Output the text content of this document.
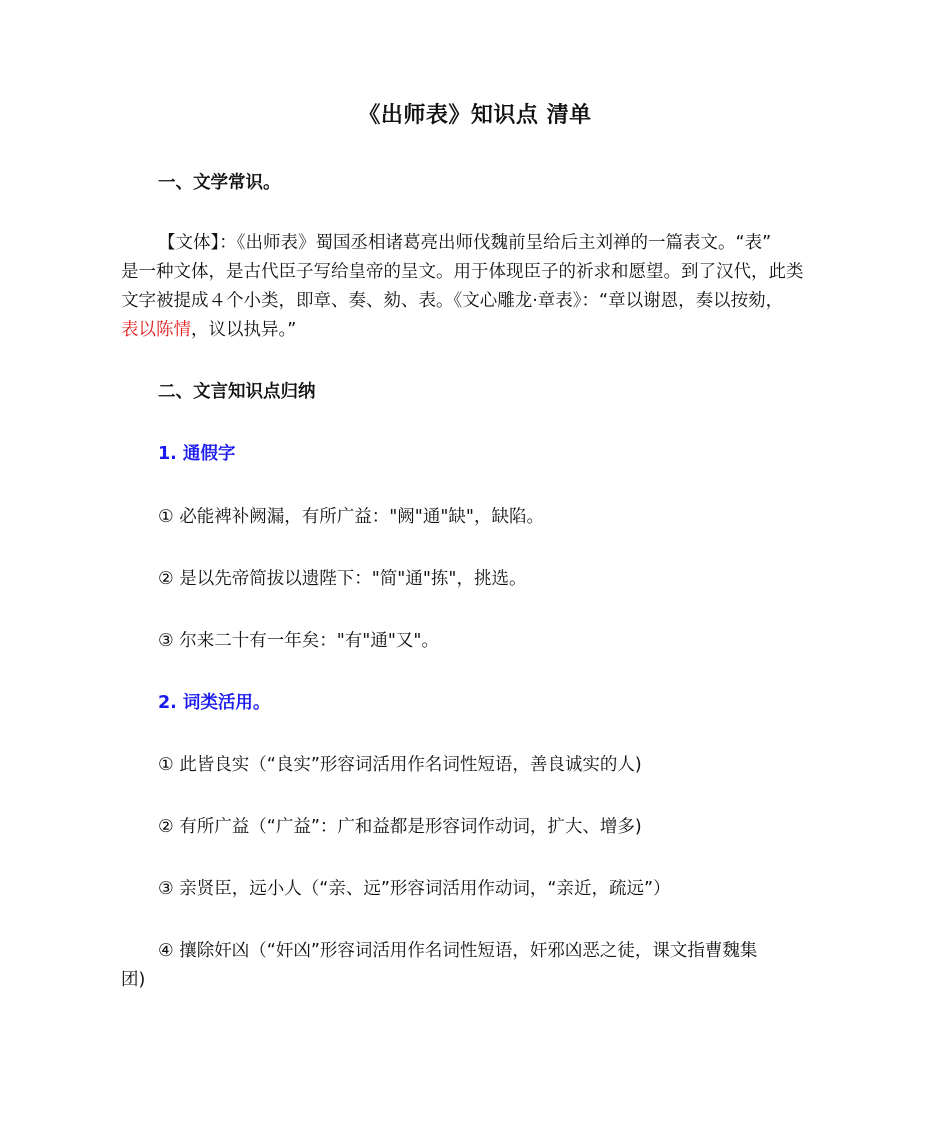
《出师表》知识点 清单
一、文学常识。
【文体】：《出师表》蜀国丞相诸葛亮出师伐魏前呈给后主刘禅的一篇表文。“表”
是一种文体，是古代臣子写给皇帝的呈文。用于体现臣子的祈求和愿望。到了汉代，此类
文字被提成４个小类，即章、奏、劾、表。《文心雕龙·章表》：“章以谢恩，奏以按劾，
表以陈情，议以执异。”
二、文言知识点归纳
1. 通假字
① 必能裨补阙漏，有所广益："阙"通"缺"，缺陷。
② 是以先帝简拔以遗陛下："简"通"拣"，挑选。
③ 尔来二十有一年矣："有"通"又"。
2. 词类活用。
① 此皆良实（“良实”形容词活用作名词性短语，善良诚实的人)
② 有所广益（“广益”：广和益都是形容词作动词，扩大、增多)
③ 亲贤臣，远小人（“亲、远”形容词活用作动词，“亲近，疏远”）
④ 攘除奸凶（“奸凶”形容词活用作名词性短语，奸邪凶恶之徒，课文指曹魏集
团)
